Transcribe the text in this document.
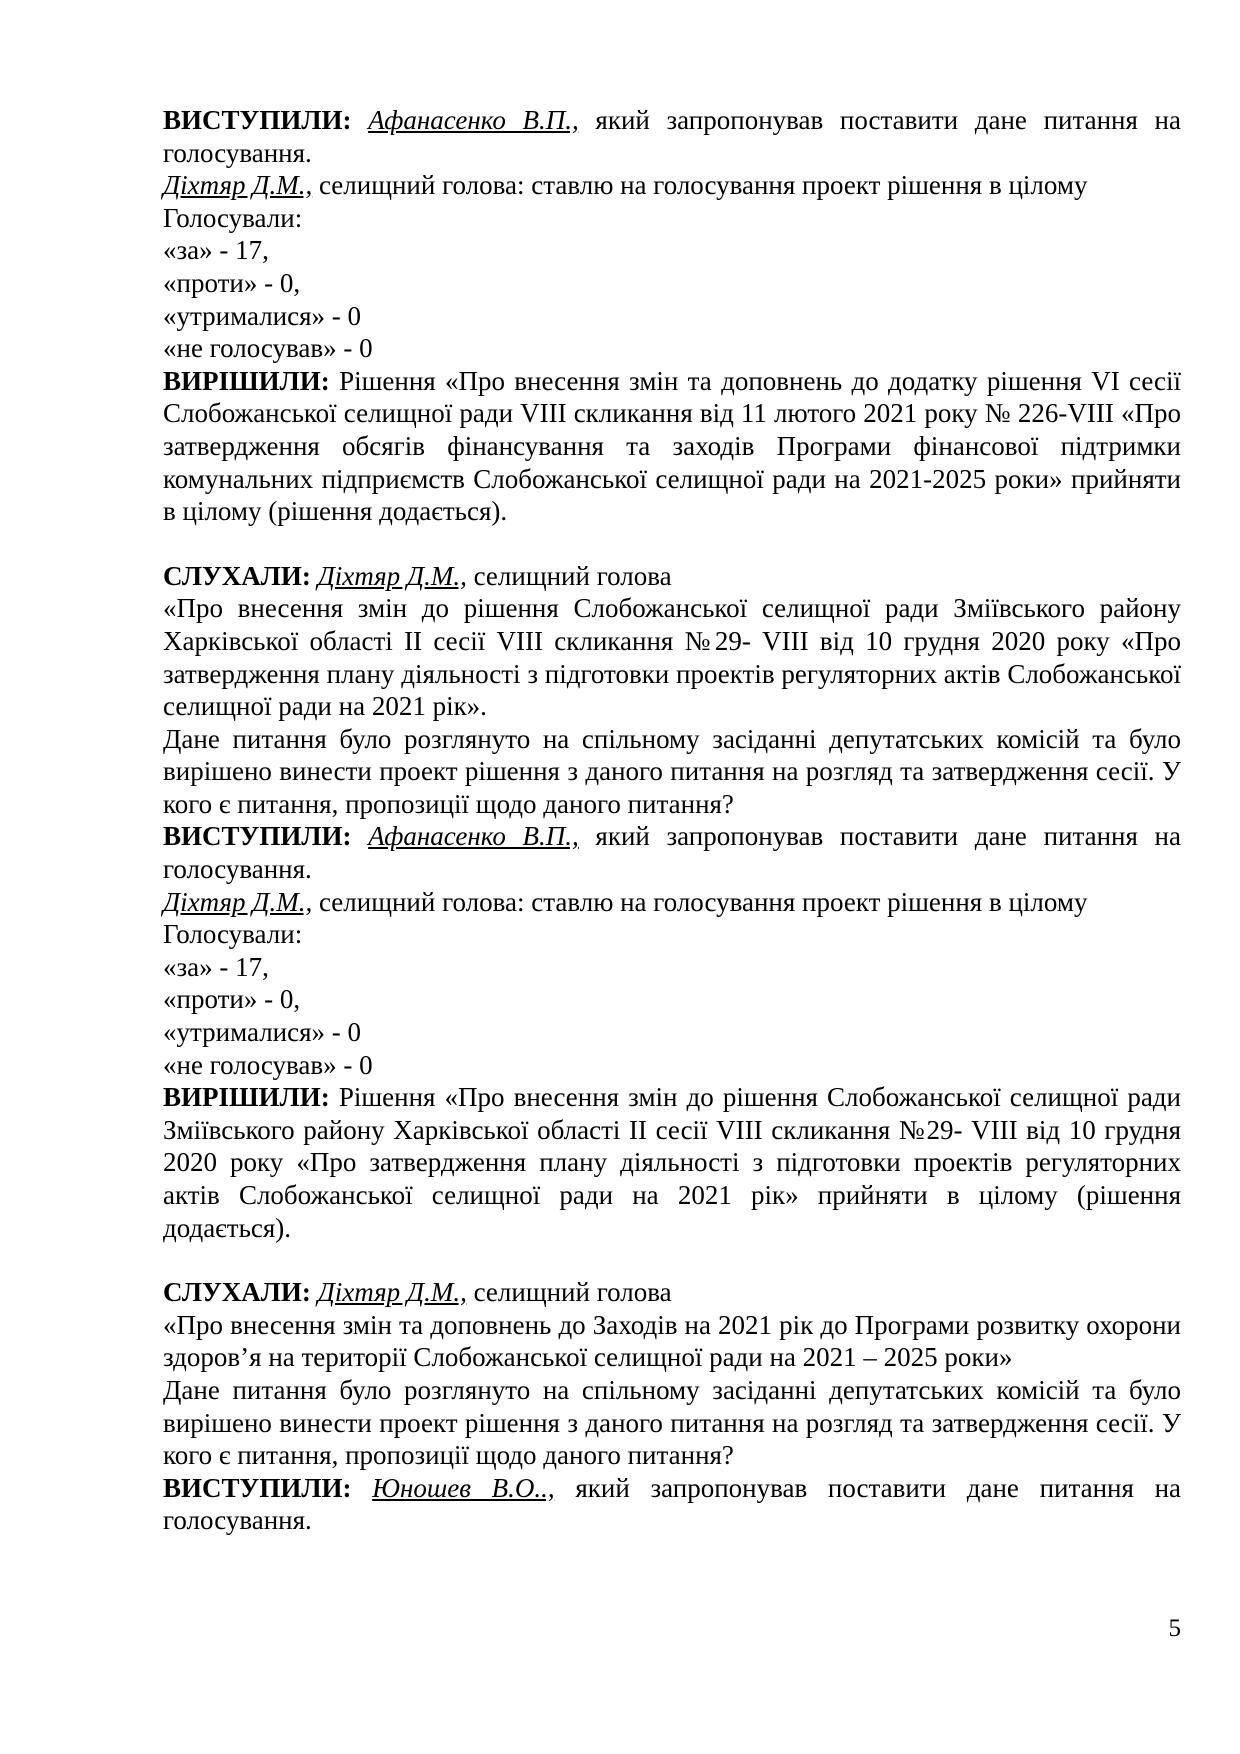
ВИСТУПИЛИ: Афанасенко В.П., який запропонував поставити дане питання на голосування.

Діхтяр Д.М., селищний голова: ставлю на голосування проект рішення в цілому

Голосували:

«за» - 17,

«проти» - 0,

«утрималися» - 0

«не голосував» - 0

ВИРІШИЛИ: Рішення «Про внесення змін та доповнень до додатку рішення VI сесії Слобожанської селищної ради VIII скликання від 11 лютого 2021 року № 226-VIII «Про затвердження обсягів фінансування та заходів Програми фінансової підтримки комунальних підприємств Слобожанської селищної ради на 2021-2025 роки» прийняти в цілому (рішення додається).

СЛУХАЛИ: Діхтяр Д.М., селищний голова

«Про внесення змін до рішення Слобожанської селищної ради Зміївського району Харківської області ІІ сесії VІІІ скликання №29- VІІІ від 10 грудня 2020 року «Про затвердження плану діяльності з підготовки проектів регуляторних актів Слобожанської селищної ради на 2021 рік».

Дане питання було розглянуто на спільному засіданні депутатських комісій та було вирішено винести проект рішення з даного питання на розгляд та затвердження сесії. У кого є питання, пропозиції щодо даного питання?

ВИСТУПИЛИ: Афанасенко В.П., який запропонував поставити дане питання на голосування.

Діхтяр Д.М., селищний голова: ставлю на голосування проект рішення в цілому

Голосували:

«за» - 17,

«проти» - 0,

«утрималися» - 0

«не голосував» - 0

ВИРІШИЛИ: Рішення «Про внесення змін до рішення Слобожанської селищної ради Зміївського району Харківської області ІІ сесії VІІІ скликання №29- VІІІ від 10 грудня 2020 року «Про затвердження плану діяльності з підготовки проектів регуляторних актів Слобожанської селищної ради на 2021 рік» прийняти в цілому (рішення додається).

СЛУХАЛИ: Діхтяр Д.М., селищний голова

«Про внесення змін та доповнень до Заходів на 2021 рік до Програми розвитку охорони здоров’я на території Слобожанської селищної ради на 2021 – 2025 роки»

Дане питання було розглянуто на спільному засіданні депутатських комісій та було вирішено винести проект рішення з даного питання на розгляд та затвердження сесії. У кого є питання, пропозиції щодо даного питання?

ВИСТУПИЛИ: Юношев В.О.., який запропонував поставити дане питання на голосування.

5
